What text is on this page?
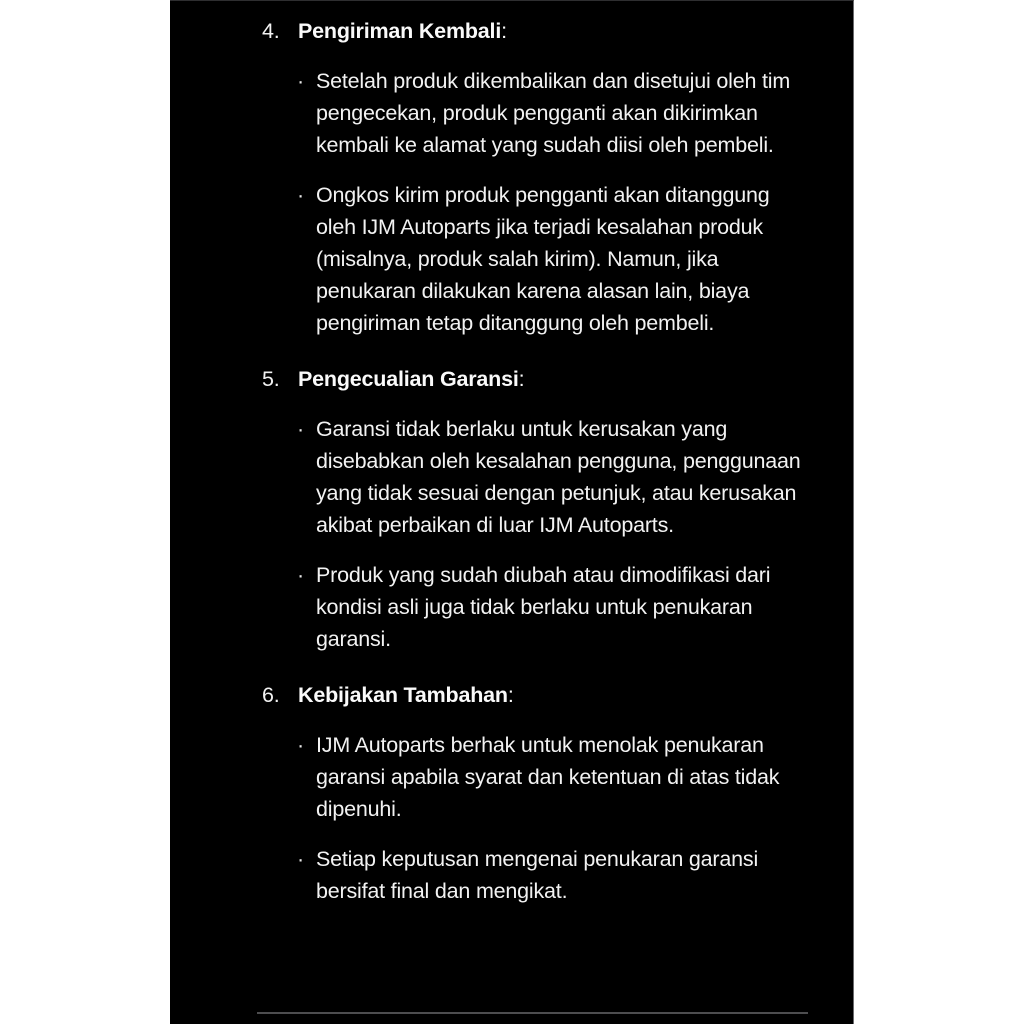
4. Pengiriman Kembali:
· Setelah produk dikembalikan dan disetujui oleh tim pengecekan, produk pengganti akan dikirimkan kembali ke alamat yang sudah diisi oleh pembeli.
· Ongkos kirim produk pengganti akan ditanggung oleh IJM Autoparts jika terjadi kesalahan produk (misalnya, produk salah kirim). Namun, jika penukaran dilakukan karena alasan lain, biaya pengiriman tetap ditanggung oleh pembeli.
5. Pengecualian Garansi:
· Garansi tidak berlaku untuk kerusakan yang disebabkan oleh kesalahan pengguna, penggunaan yang tidak sesuai dengan petunjuk, atau kerusakan akibat perbaikan di luar IJM Autoparts.
· Produk yang sudah diubah atau dimodifikasi dari kondisi asli juga tidak berlaku untuk penukaran garansi.
6. Kebijakan Tambahan:
· IJM Autoparts berhak untuk menolak penukaran garansi apabila syarat dan ketentuan di atas tidak dipenuhi.
· Setiap keputusan mengenai penukaran garansi bersifat final dan mengikat.
